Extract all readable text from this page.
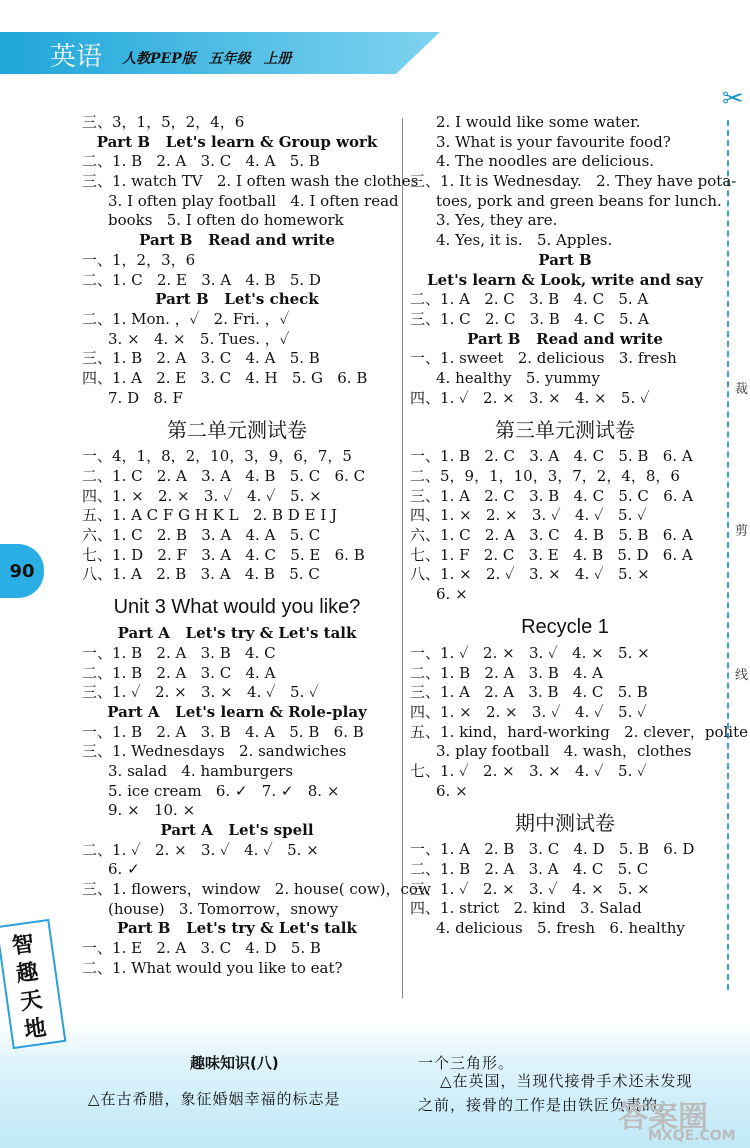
英语 人教PEP版 五年级 上册
✂
裁
剪
线
90
三、3，1，5，2，4，6
Part B   Let's learn & Group work
二、1. B   2. A   3. C   4. A   5. B
三、1. watch TV   2. I often wash the clothes
3. I often play football   4. I often read
books   5. I often do homework
Part B   Read and write
一、1，2，3，6
二、1. C   2. E   3. A   4. B   5. D
Part B   Let's check
二、1. Mon. ，✓   2. Fri. ，✓
3. ×   4. ×   5. Tues. ，✓
三、1. B   2. A   3. C   4. A   5. B
四、1. A   2. E   3. C   4. H   5. G   6. B
7. D   8. F
第二单元测试卷
一、4，1，8，2，10，3，9，6，7，5
二、1. C   2. A   3. A   4. B   5. C   6. C
四、1. ×   2. ×   3. ✓   4. ✓   5. ×
五、1. A C F G H K L   2. B D E I J
六、1. C   2. B   3. A   4. A   5. C
七、1. D   2. F   3. A   4. C   5. E   6. B
八、1. A   2. B   3. A   4. B   5. C
Unit 3 What would you like?
Part A   Let's try & Let's talk
一、1. B   2. A   3. B   4. C
二、1. B   2. A   3. C   4. A
三、1. ✓   2. ×   3. ×   4. ✓   5. ✓
Part A   Let's learn & Role-play
一、1. B   2. A   3. B   4. A   5. B   6. B
三、1. Wednesdays   2. sandwiches
3. salad   4. hamburgers
5. ice cream   6. ✓   7. ✓   8. ×
9. ×   10. ×
Part A   Let's spell
二、1. ✓   2. ×   3. ✓   4. ✓   5. ×
6. ✓
三、1. flowers，window   2. house( cow)，cow
(house)   3. Tomorrow，snowy
Part B   Let's try & Let's talk
一、1. E   2. A   3. C   4. D   5. B
二、1. What would you like to eat?
2. I would like some water.
3. What is your favourite food?
4. The noodles are delicious.
三、1. It is Wednesday.   2. They have pota-
toes, pork and green beans for lunch.
3. Yes, they are.
4. Yes, it is.   5. Apples.
Part B
Let's learn & Look, write and say
二、1. A   2. C   3. B   4. C   5. A
三、1. C   2. C   3. B   4. C   5. A
Part B   Read and write
一、1. sweet   2. delicious   3. fresh
4. healthy   5. yummy
四、1. ✓   2. ×   3. ×   4. ×   5. ✓
第三单元测试卷
一、1. B   2. C   3. A   4. C   5. B   6. A
二、5，9，1，10，3，7，2，4，8，6
三、1. A   2. C   3. B   4. C   5. C   6. A
四、1. ×   2. ×   3. ✓   4. ✓   5. ✓
六、1. C   2. A   3. C   4. B   5. B   6. A
七、1. F   2. C   3. E   4. B   5. D   6. A
八、1. ×   2. ✓   3. ×   4. ✓   5. ×
6. ×
Recycle 1
一、1. ✓   2. ×   3. ✓   4. ×   5. ×
二、1. B   2. A   3. B   4. A
三、1. A   2. A   3. B   4. C   5. B
四、1. ×   2. ×   3. ✓   4. ✓   5. ✓
五、1. kind，hard-working   2. clever，polite
3. play football   4. wash，clothes
七、1. ✓   2. ×   3. ×   4. ✓   5. ✓
6. ×
期中测试卷
一、1. A   2. B   3. C   4. D   5. B   6. D
二、1. B   2. A   3. A   4. C   5. C
三、1. ✓   2. ×   3. ✓   4. ×   5. ×
四、1. strict   2. kind   3. Salad
4. delicious   5. fresh   6. healthy
智
趣
天
地
趣味知识(八)
△在古希腊，象征婚姻幸福的标志是
一个三角形。
△在英国，当现代接骨手术还未发现
之前，接骨的工作是由铁匠负责的。
答案圈
MXQE.COM
